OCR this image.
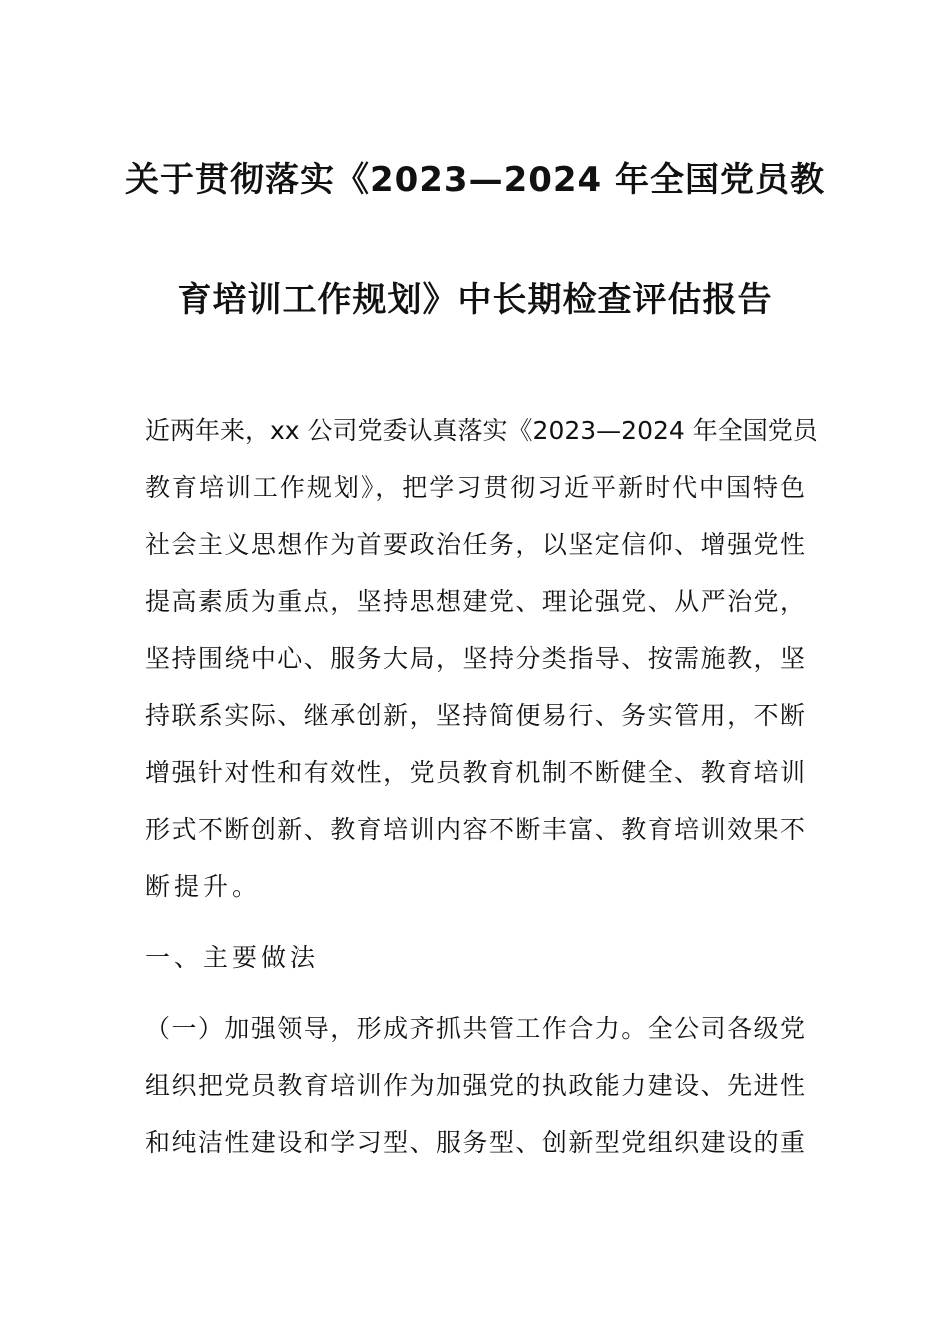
关于贯彻落实《2023—2024 年全国党员教
育培训工作规划》中长期检查评估报告
近两年来，xx 公司党委认真落实《2023—2024 年全国党员
教育培训工作规划》，把学习贯彻习近平新时代中国特色
社会主义思想作为首要政治任务，以坚定信仰、增强党性
提高素质为重点，坚持思想建党、理论强党、从严治党，
坚持围绕中心、服务大局，坚持分类指导、按需施教，坚
持联系实际、继承创新，坚持简便易行、务实管用，不断
增强针对性和有效性，党员教育机制不断健全、教育培训
形式不断创新、教育培训内容不断丰富、教育培训效果不
断提升。
一、主要做法
（一）加强领导，形成齐抓共管工作合力。全公司各级党
组织把党员教育培训作为加强党的执政能力建设、先进性
和纯洁性建设和学习型、服务型、创新型党组织建设的重
